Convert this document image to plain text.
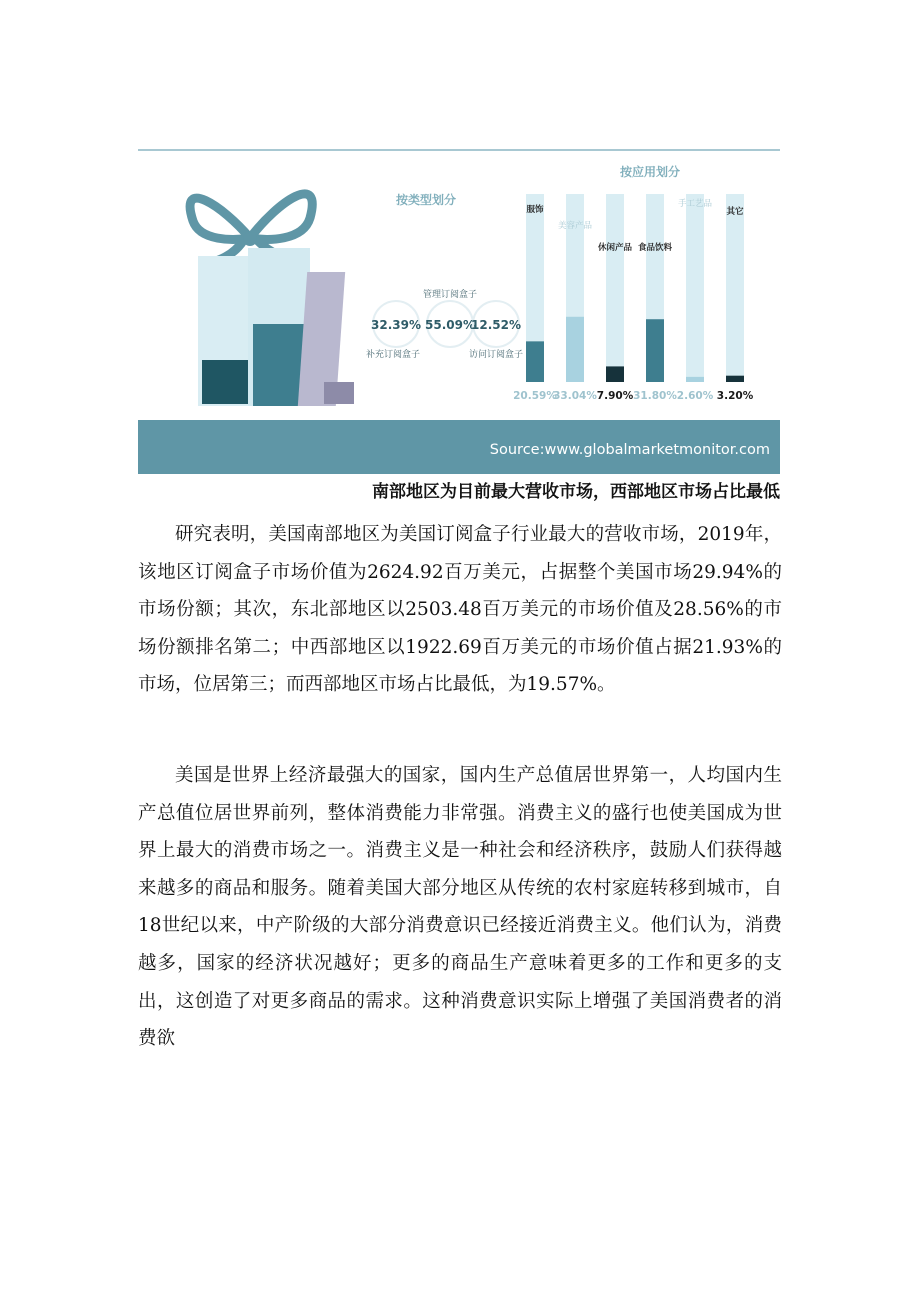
按类型划分
32.39%
补充订阅盒子
55.09%
管理订阅盒子
12.52%
访问订阅盒子
按应用划分
服饰
20.59%
美容产品
33.04%
休闲产品
7.90%
食品饮料
31.80%
手工艺品
2.60%
其它
3.20%
Source:www.globalmarketmonitor.com
南部地区为目前最大营收市场，西部地区市场占比最低

研究表明，美国南部地区为美国订阅盒子行业最大的营收市场，2019年，该地区订阅盒子市场价值为2624.92百万美元，占据整个美国市场29.94%的市场份额；其次，东北部地区以2503.48百万美元的市场价值及28.56%的市场份额排名第二；中西部地区以1922.69百万美元的市场价值占据21.93%的市场，位居第三；而西部地区市场占比最低，为19.57%。

美国是世界上经济最强大的国家，国内生产总值居世界第一，人均国内生产总值位居世界前列，整体消费能力非常强。消费主义的盛行也使美国成为世界上最大的消费市场之一。消费主义是一种社会和经济秩序，鼓励人们获得越来越多的商品和服务。随着美国大部分地区从传统的农村家庭转移到城市，自18世纪以来，中产阶级的大部分消费意识已经接近消费主义。他们认为，消费越多，国家的经济状况越好；更多的商品生产意味着更多的工作和更多的支出，这创造了对更多商品的需求。这种消费意识实际上增强了美国消费者的消费欲
